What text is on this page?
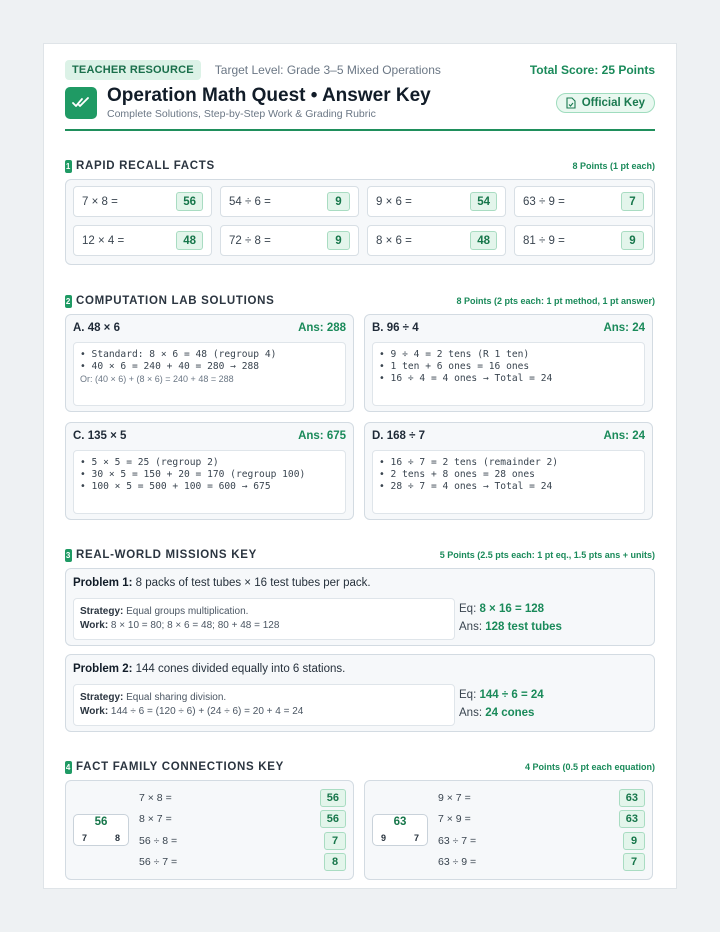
TEACHER RESOURCE	Target Level: Grade 3–5 Mixed Operations	Total Score: 25 Points
Operation Math Quest • Answer Key
Complete Solutions, Step-by-Step Work & Grading Rubric
Official Key
1 RAPID RECALL FACTS	8 Points (1 pt each)
7 × 8 =	56	54 ÷ 6 =	9	9 × 6 =	54	63 ÷ 9 =	7
12 × 4 =	48	72 ÷ 8 =	9	8 × 6 =	48	81 ÷ 9 =	9
2 COMPUTATION LAB SOLUTIONS	8 Points (2 pts each: 1 pt method, 1 pt answer)
A. 48 × 6	Ans: 288
• Standard: 8 × 6 = 48 (regroup 4)
• 40 × 6 = 240 + 40 = 280 → 288
Or: (40 × 6) + (8 × 6) = 240 + 48 = 288
B. 96 ÷ 4	Ans: 24
• 9 ÷ 4 = 2 tens (R 1 ten)
• 1 ten + 6 ones = 16 ones
• 16 ÷ 4 = 4 ones → Total = 24
C. 135 × 5	Ans: 675
• 5 × 5 = 25 (regroup 2)
• 30 × 5 = 150 + 20 = 170 (regroup 100)
• 100 × 5 = 500 + 100 = 600 → 675
D. 168 ÷ 7	Ans: 24
• 16 ÷ 7 = 2 tens (remainder 2)
• 2 tens + 8 ones = 28 ones
• 28 ÷ 7 = 4 ones → Total = 24
3 REAL-WORLD MISSIONS KEY	5 Points (2.5 pts each: 1 pt eq., 1.5 pts ans + units)
Problem 1: 8 packs of test tubes × 16 test tubes per pack.
Strategy: Equal groups multiplication.
Work: 8 × 10 = 80; 8 × 6 = 48; 80 + 48 = 128
Eq: 8 × 16 = 128
Ans: 128 test tubes
Problem 2: 144 cones divided equally into 6 stations.
Strategy: Equal sharing division.
Work: 144 ÷ 6 = (120 ÷ 6) + (24 ÷ 6) = 20 + 4 = 24
Eq: 144 ÷ 6 = 24
Ans: 24 cones
4 FACT FAMILY CONNECTIONS KEY	4 Points (0.5 pt each equation)
56
7	8
7 × 8 =	56
8 × 7 =	56
56 ÷ 8 =	7
56 ÷ 7 =	8
63
9	7
9 × 7 =	63
7 × 9 =	63
63 ÷ 7 =	9
63 ÷ 9 =	7
